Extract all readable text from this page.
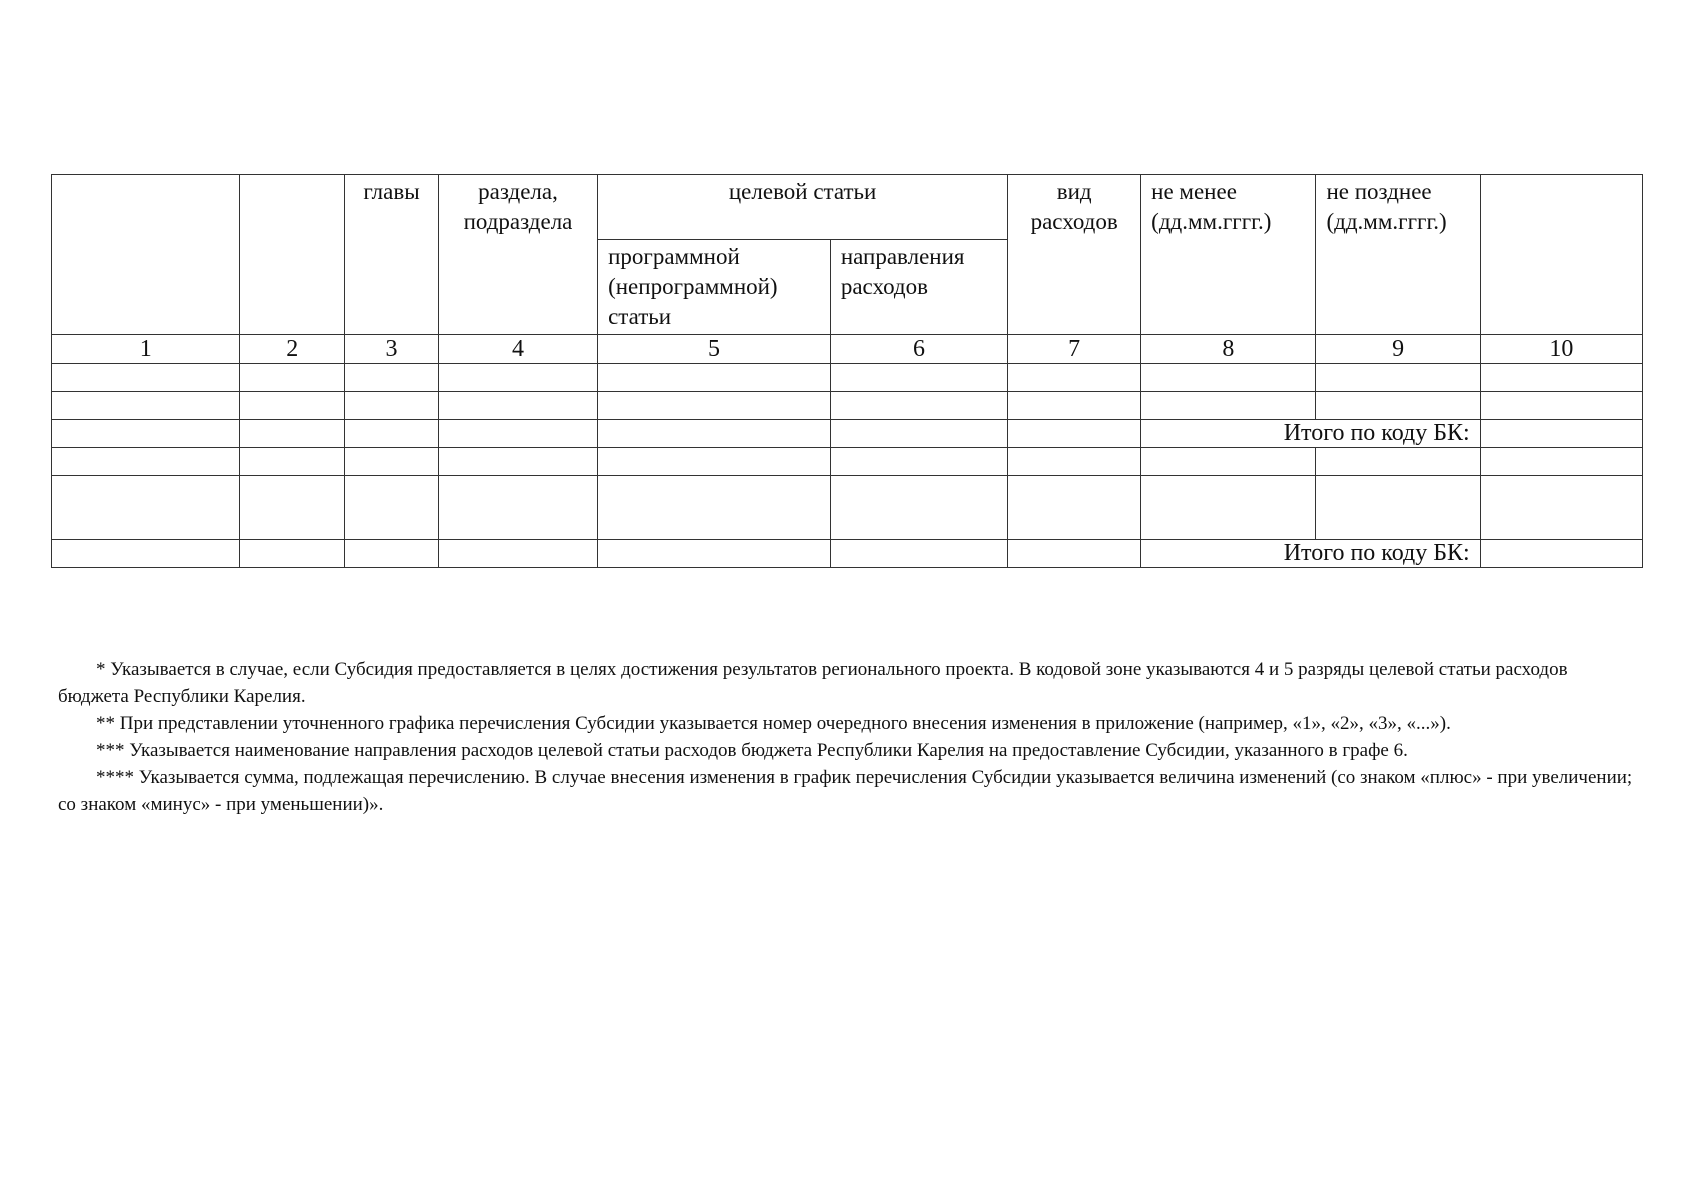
		главы	раздела, подраздела	целевой статьи		вид расходов	не менее (дд.мм.гггг.)	не позднее (дд.мм.гггг.)	
				программной (непрограммной) статьи	направления расходов				
1	2	3	4	5	6	7	8	9	10

							Итого по коду БК:		

							Итого по коду БК:		

* Указывается в случае, если Субсидия предоставляется в целях достижения результатов регионального проекта. В кодовой зоне указываются 4 и 5 разряды целевой статьи расходов бюджета Республики Карелия.

** При представлении уточненного графика перечисления Субсидии указывается номер очередного внесения изменения в приложение (например, «1», «2», «3», «...»).

*** Указывается наименование направления расходов целевой статьи расходов бюджета Республики Карелия на предоставление Субсидии, указанного в графе 6.

**** Указывается сумма, подлежащая перечислению. В случае внесения изменения в график перечисления Субсидии указывается величина изменений (со знаком «плюс» - при увеличении; со знаком «минус» - при уменьшении)».
